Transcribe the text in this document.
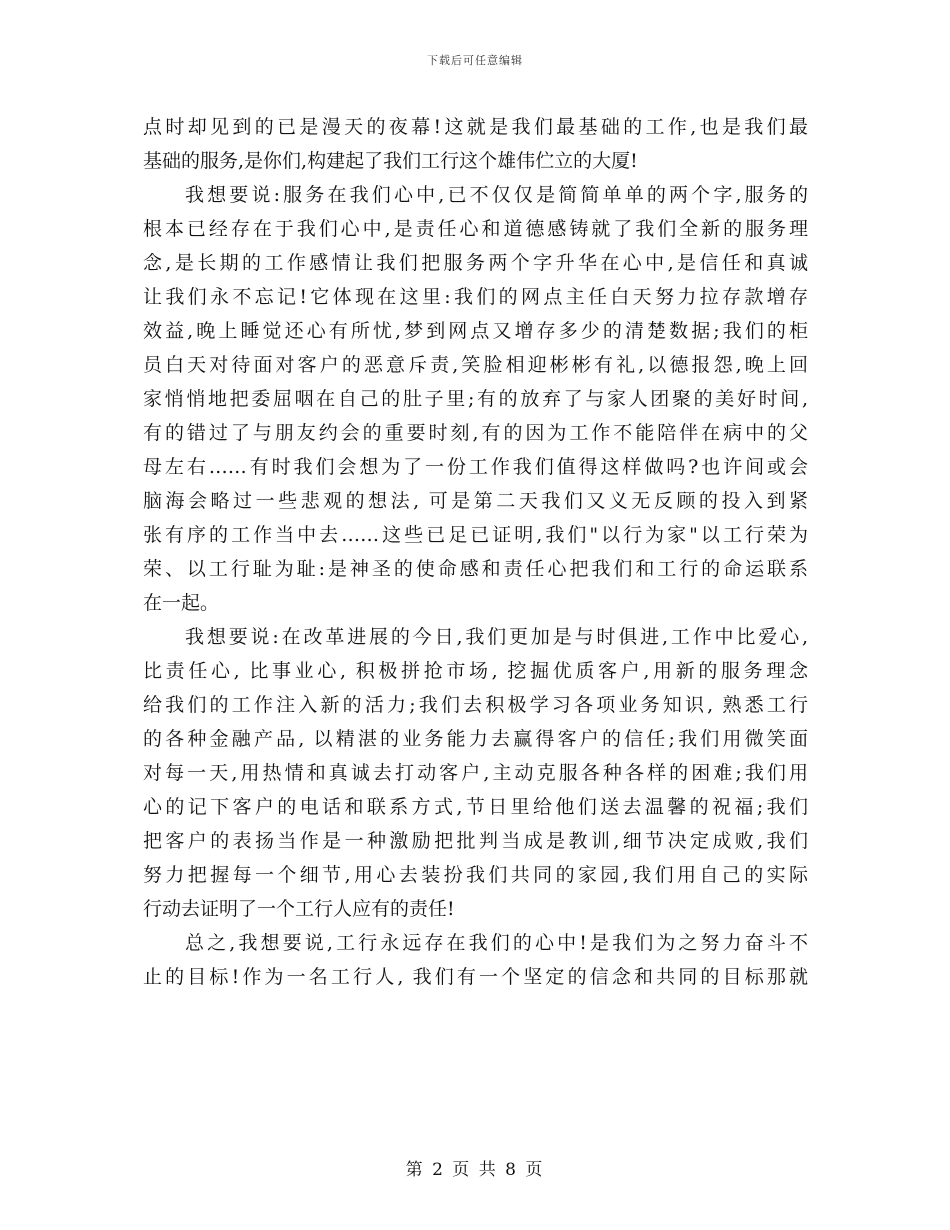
下载后可任意编辑
点时却见到的已是漫天的夜幕!这就是我们最基础的工作,也是我们最
基础的服务,是你们,构建起了我们工行这个雄伟伫立的大厦!
我想要说:服务在我们心中,已不仅仅是简简单单的两个字,服务的
根本已经存在于我们心中,是责任心和道德感铸就了我们全新的服务理
念,是长期的工作感情让我们把服务两个字升华在心中,是信任和真诚
让我们永不忘记!它体现在这里:我们的网点主任白天努力拉存款增存
效益,晚上睡觉还心有所忧,梦到网点又增存多少的清楚数据;我们的柜
员白天对待面对客户的恶意斥责,笑脸相迎彬彬有礼,以德报怨,晚上回
家悄悄地把委屈咽在自己的肚子里;有的放弃了与家人团聚的美好时间,
有的错过了与朋友约会的重要时刻,有的因为工作不能陪伴在病中的父
母左右……有时我们会想为了一份工作我们值得这样做吗?也许间或会
脑海会略过一些悲观的想法, 可是第二天我们又义无反顾的投入到紧
张有序的工作当中去……这些已足已证明,我们"以行为家"以工行荣为
荣、以工行耻为耻:是神圣的使命感和责任心把我们和工行的命运联系
在一起。
我想要说:在改革进展的今日,我们更加是与时俱进,工作中比爱心,
比责任心, 比事业心, 积极拼抢市场, 挖掘优质客户,用新的服务理念
给我们的工作注入新的活力;我们去积极学习各项业务知识, 熟悉工行
的各种金融产品, 以精湛的业务能力去赢得客户的信任;我们用微笑面
对每一天,用热情和真诚去打动客户,主动克服各种各样的困难;我们用
心的记下客户的电话和联系方式,节日里给他们送去温馨的祝福;我们
把客户的表扬当作是一种激励把批判当成是教训,细节决定成败,我们
努力把握每一个细节,用心去装扮我们共同的家园,我们用自己的实际
行动去证明了一个工行人应有的责任!
总之,我想要说,工行永远存在我们的心中!是我们为之努力奋斗不
止的目标!作为一名工行人, 我们有一个坚定的信念和共同的目标那就
第 2 页 共 8 页
